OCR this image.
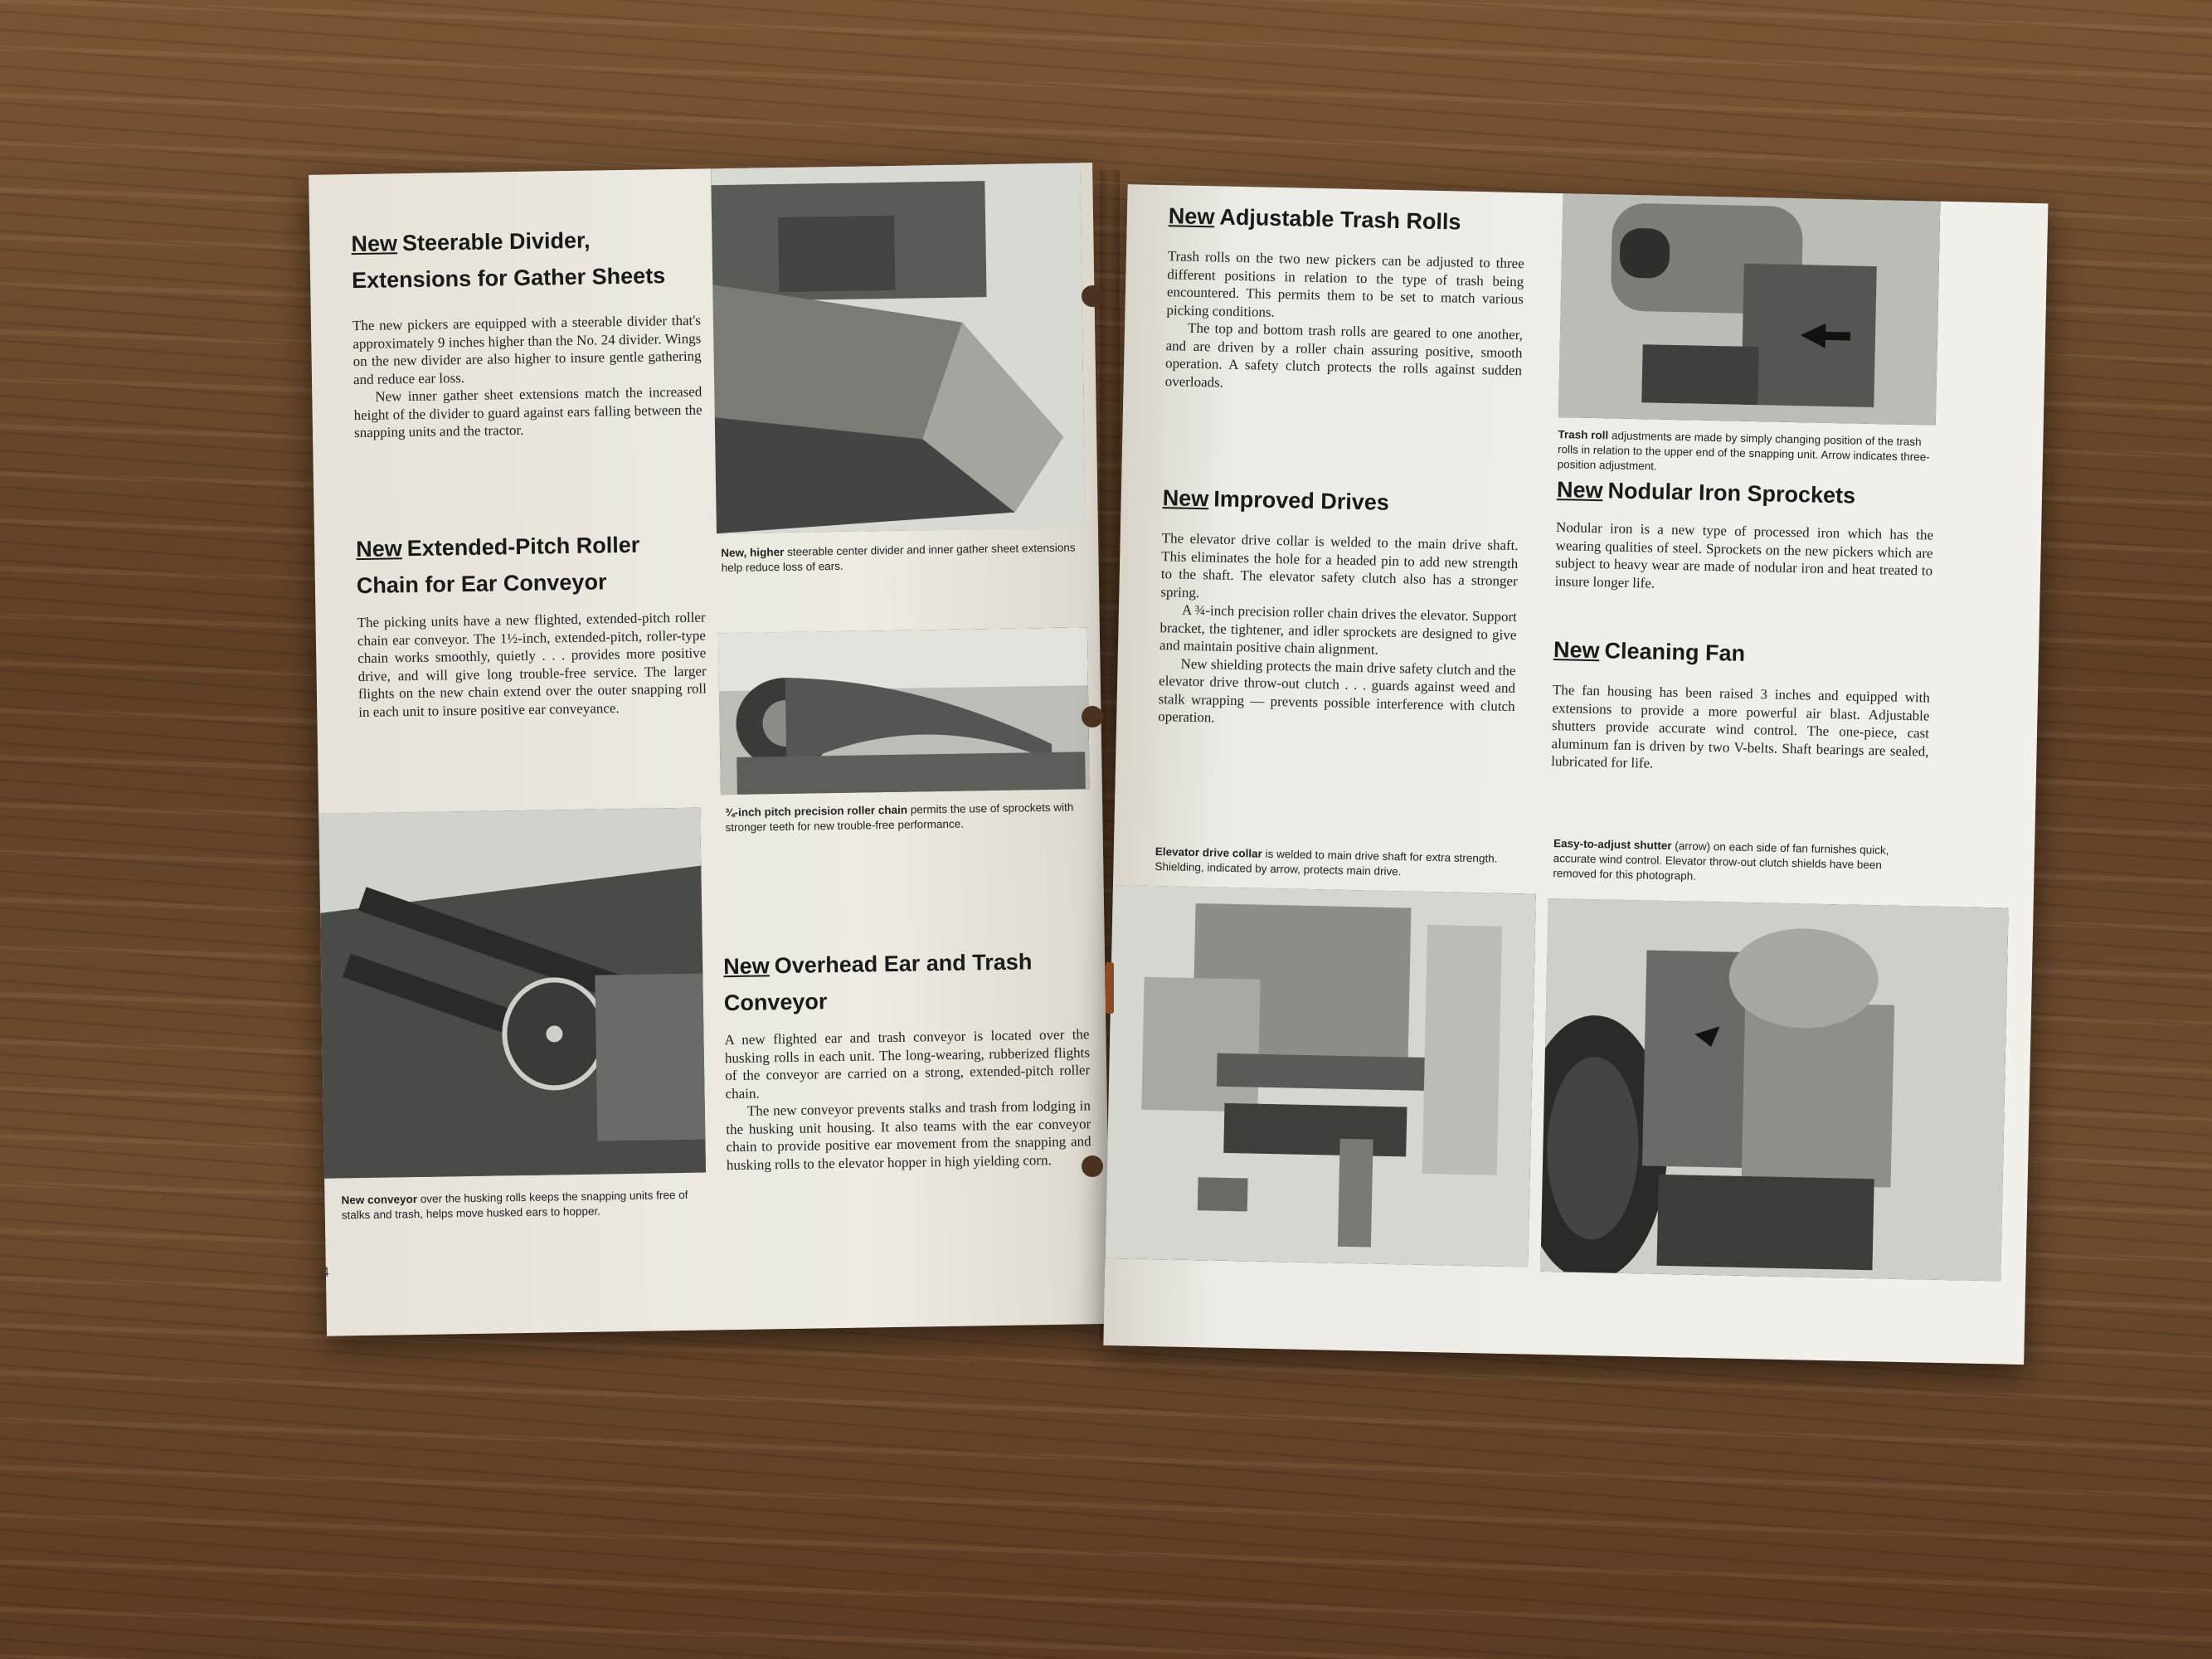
New Steerable Divider, Extensions for Gather Sheets

The new pickers are equipped with a steerable divider that's approximately 9 inches higher than the No. 24 divider. Wings on the new divider are also higher to insure gentle gathering and reduce ear loss.

New inner gather sheet extensions match the increased height of the divider to guard against ears falling between the snapping units and the tractor.

New, higher steerable center divider and inner gather sheet extensions help reduce loss of ears.
New Extended-Pitch Roller Chain for Ear Conveyor

The picking units have a new flighted, extended-pitch roller chain ear conveyor. The 1½-inch, extended-pitch, roller-type chain works smoothly, quietly . . . provides more positive drive, and will give long trouble-free service. The larger flights on the new chain extend over the outer snapping roll in each unit to insure positive ear conveyance.

¾-inch pitch precision roller chain permits the use of sprockets with stronger teeth for new trouble-free performance.
New conveyor over the husking rolls keeps the snapping units free of stalks and trash, helps move husked ears to hopper.
New Overhead Ear and Trash Conveyor

A new flighted ear and trash conveyor is located over the husking rolls in each unit. The long-wearing, rubberized flights of the conveyor are carried on a strong, extended-pitch roller chain.

The new conveyor prevents stalks and trash from lodging in the husking unit housing. It also teams with the ear conveyor chain to provide positive ear movement from the snapping and husking rolls to the elevator hopper in high yielding corn.

4
New Adjustable Trash Rolls

Trash rolls on the two new pickers can be adjusted to three different positions in relation to the type of trash being encountered. This permits them to be set to match various picking conditions.

The top and bottom trash rolls are geared to one another, and are driven by a roller chain assuring positive, smooth operation. A safety clutch protects the rolls against sudden overloads.

Trash roll adjustments are made by simply changing position of the trash rolls in relation to the upper end of the snapping unit. Arrow indicates three-position adjustment.
New Improved Drives

The elevator drive collar is welded to the main drive shaft. This eliminates the hole for a headed pin to add new strength to the shaft. The elevator safety clutch also has a stronger spring.

A ¾-inch precision roller chain drives the elevator. Support bracket, the tightener, and idler sprockets are designed to give and maintain positive chain alignment.

New shielding protects the main drive safety clutch and the elevator drive throw-out clutch . . . guards against weed and stalk wrapping — prevents possible interference with clutch operation.

New Nodular Iron Sprockets

Nodular iron is a new type of processed iron which has the wearing qualities of steel. Sprockets on the new pickers which are subject to heavy wear are made of nodular iron and heat treated to insure longer life.

New Cleaning Fan

The fan housing has been raised 3 inches and equipped with extensions to provide a more powerful air blast. Adjustable shutters provide accurate wind control. The one-piece, cast aluminum fan is driven by two V-belts. Shaft bearings are sealed, lubricated for life.

Elevator drive collar is welded to main drive shaft for extra strength. Shielding, indicated by arrow, protects main drive.
Easy-to-adjust shutter (arrow) on each side of fan furnishes quick, accurate wind control. Elevator throw-out clutch shields have been removed for this photograph.
